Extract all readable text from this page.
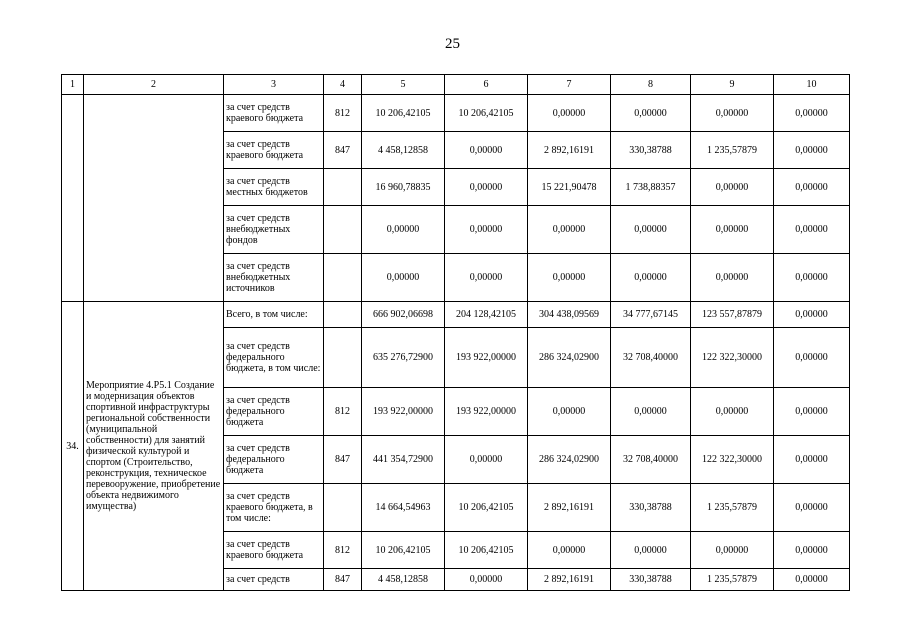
25
1	2	3	4	5	6	7	8	9	10
		за счет средств краевого бюджета	812	10 206,42105	10 206,42105	0,00000	0,00000	0,00000	0,00000
		за счет средств краевого бюджета	847	4 458,12858	0,00000	2 892,16191	330,38788	1 235,57879	0,00000
		за счет средств местных бюджетов		16 960,78835	0,00000	15 221,90478	1 738,88357	0,00000	0,00000
		за счет средств внебюджетных фондов		0,00000	0,00000	0,00000	0,00000	0,00000	0,00000
		за счет средств внебюджетных источников		0,00000	0,00000	0,00000	0,00000	0,00000	0,00000
34.	Мероприятие 4.Р5.1 Создание и модернизация объектов спортивной инфраструктуры региональной собственности (муниципальной собственности) для занятий физической культурой и спортом (Строительство, реконструкция, техническое перевооружение, приобретение объекта недвижимого имущества)	Всего, в том числе:		666 902,06698	204 128,42105	304 438,09569	34 777,67145	123 557,87879	0,00000
		за счет средств федерального бюджета, в том числе:		635 276,72900	193 922,00000	286 324,02900	32 708,40000	122 322,30000	0,00000
		за счет средств федерального бюджета	812	193 922,00000	193 922,00000	0,00000	0,00000	0,00000	0,00000
		за счет средств федерального бюджета	847	441 354,72900	0,00000	286 324,02900	32 708,40000	122 322,30000	0,00000
		за счет средств краевого бюджета, в том числе:		14 664,54963	10 206,42105	2 892,16191	330,38788	1 235,57879	0,00000
		за счет средств краевого бюджета	812	10 206,42105	10 206,42105	0,00000	0,00000	0,00000	0,00000
		за счет средств	847	4 458,12858	0,00000	2 892,16191	330,38788	1 235,57879	0,00000
